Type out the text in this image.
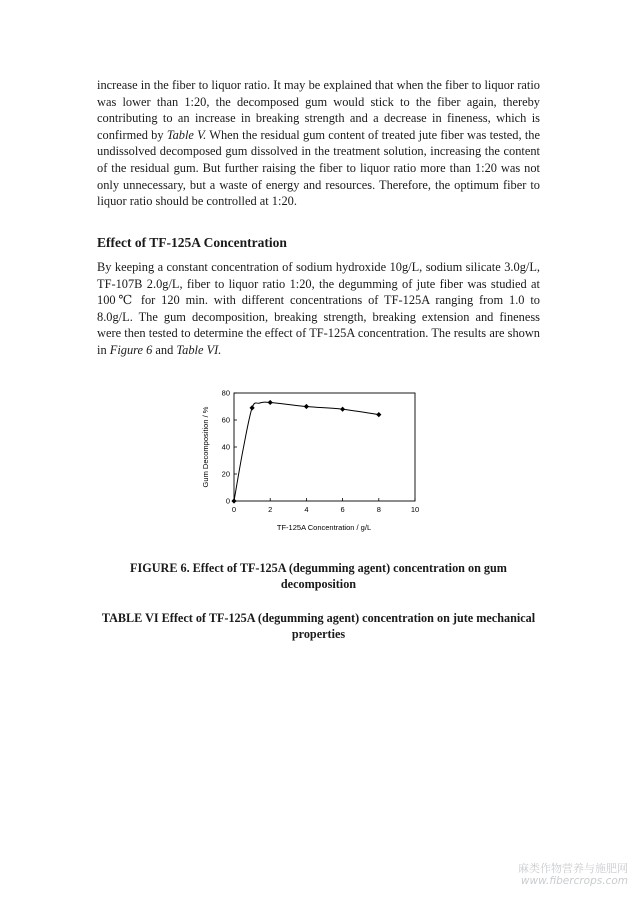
increase in the fiber to liquor ratio. It may be explained that when the fiber to liquor ratio was lower than 1:20, the decomposed gum would stick to the fiber again, thereby contributing to an increase in breaking strength and a decrease in fineness, which is confirmed by Table V. When the residual gum content of treated jute fiber was tested, the undissolved decomposed gum dissolved in the treatment solution, increasing the content of the residual gum. But further raising the fiber to liquor ratio more than 1:20 was not only unnecessary, but a waste of energy and resources. Therefore, the optimum fiber to liquor ratio should be controlled at 1:20.

Effect of TF-125A Concentration

By keeping a constant concentration of sodium hydroxide 10g/L, sodium silicate 3.0g/L, TF-107B 2.0g/L, fiber to liquor ratio 1:20, the degumming of jute fiber was studied at 100℃ for 120 min. with different concentrations of TF-125A ranging from 1.0 to 8.0g/L. The gum decomposition, breaking strength, breaking extension and fineness were then tested to determine the effect of TF-125A concentration. The results are shown in Figure 6 and Table VI.

0
20
40
60
80
0	2	4	6	8	10
TF-125A Concentration / g/L
Gum Decomposition / %

FIGURE 6. Effect of TF-125A (degumming agent) concentration on gum decomposition

TABLE VI Effect of TF-125A (degumming agent) concentration on jute mechanical properties

麻类作物营养与施肥网
www.fibercrops.com
